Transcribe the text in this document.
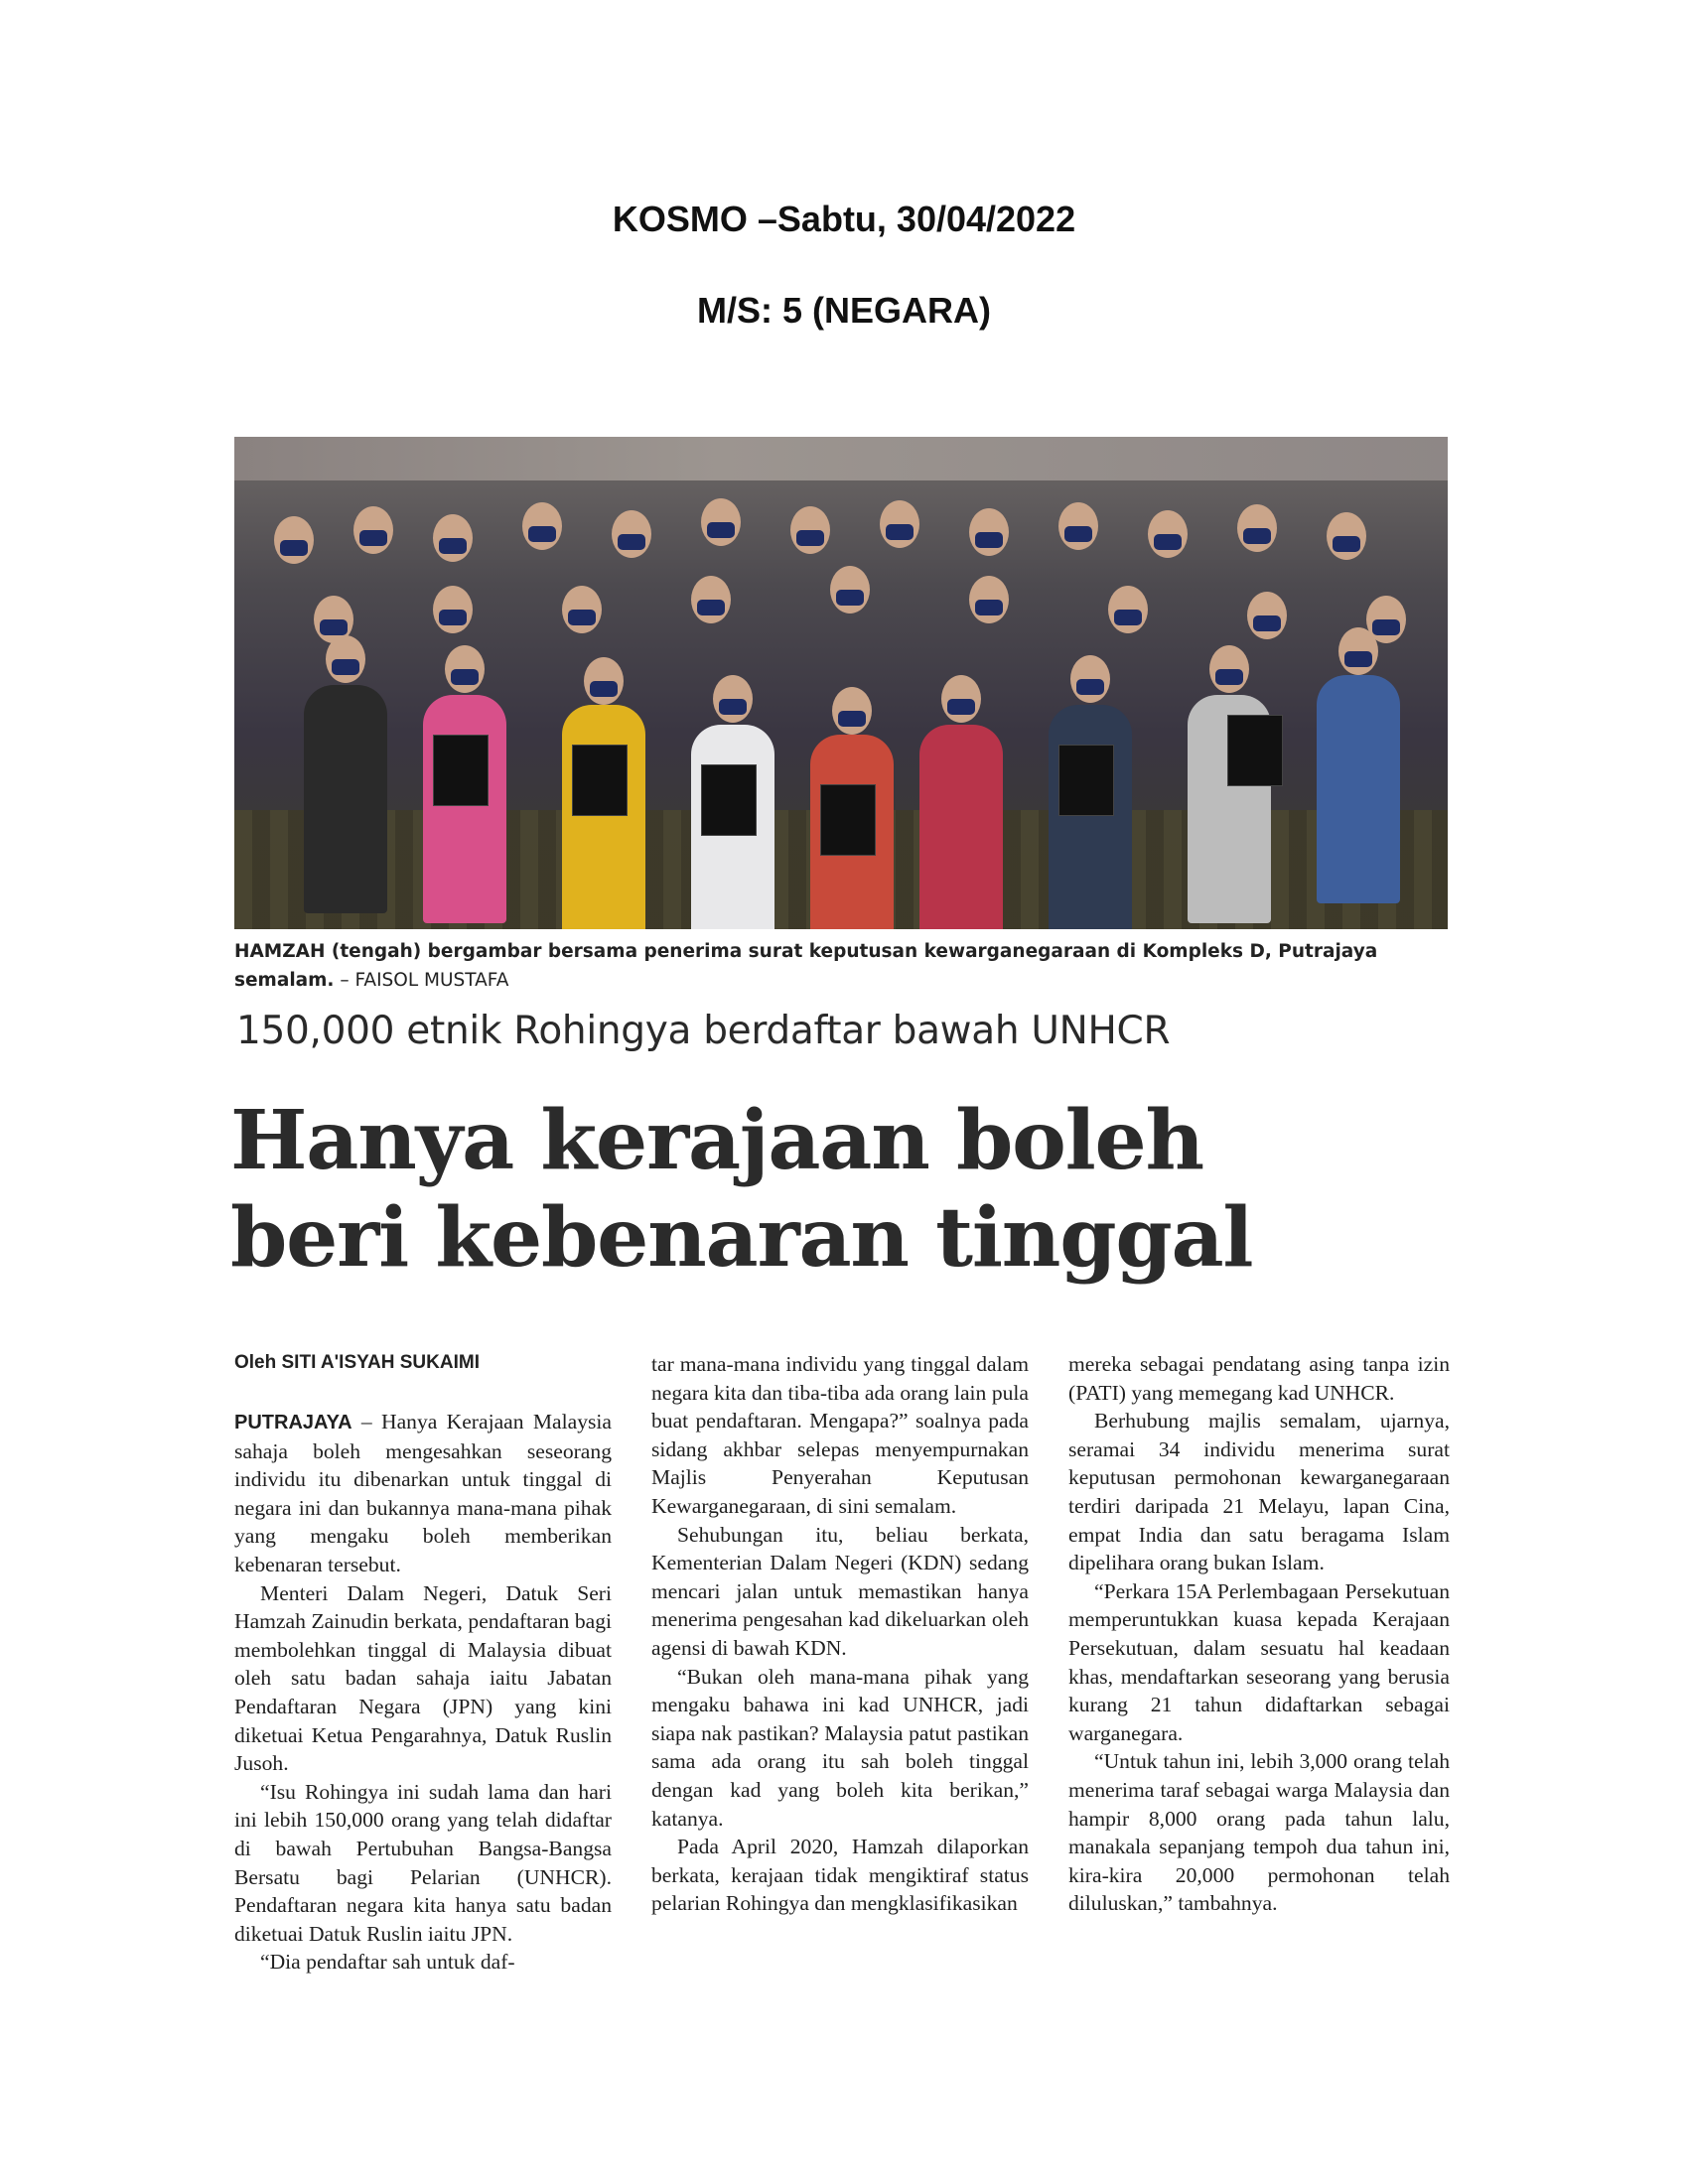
KOSMO –Sabtu, 30/04/2022
M/S: 5 (NEGARA)
HAMZAH (tengah) bergambar bersama penerima surat keputusan kewarganegaraan di Kompleks D, Putrajaya semalam. – FAISOL MUSTAFA
150,000 etnik Rohingya berdaftar bawah UNHCR
Hanya kerajaan boleh
beri kebenaran tinggal
Oleh SITI A'ISYAH SUKAIMI

PUTRAJAYA – Hanya Kerajaan Malaysia sahaja boleh mengesahkan seseorang individu itu dibenarkan untuk tinggal di negara ini dan bukannya mana-mana pihak yang mengaku boleh memberikan kebenaran tersebut.

Menteri Dalam Negeri, Datuk Seri Hamzah Zainudin berkata, pendaftaran bagi membolehkan tinggal di Malaysia dibuat oleh satu badan sahaja iaitu Jabatan Pendaftaran Negara (JPN) yang kini diketuai Ketua Pengarahnya, Datuk Ruslin Jusoh.

“Isu Rohingya ini sudah lama dan hari ini lebih 150,000 orang yang telah didaftar di bawah Pertubuhan Bangsa-Bangsa Bersatu bagi Pelarian (UNHCR). Pendaftaran negara kita hanya satu badan diketuai Datuk Ruslin iaitu JPN.

“Dia pendaftar sah untuk daf-

tar mana-mana individu yang tinggal dalam negara kita dan tiba-tiba ada orang lain pula buat pendaftaran. Mengapa?” soalnya pada sidang akhbar selepas menyempurnakan Majlis Penyerahan Keputusan Kewarganegaraan, di sini semalam.

Sehubungan itu, beliau berkata, Kementerian Dalam Negeri (KDN) sedang mencari jalan untuk memastikan hanya menerima pengesahan kad dikeluarkan oleh agensi di bawah KDN.

“Bukan oleh mana-mana pihak yang mengaku bahawa ini kad UNHCR, jadi siapa nak pastikan? Malaysia patut pastikan sama ada orang itu sah boleh tinggal dengan kad yang boleh kita berikan,” katanya.

Pada April 2020, Hamzah dilaporkan berkata, kerajaan tidak mengiktiraf status pelarian Rohingya dan mengklasifikasikan

mereka sebagai pendatang asing tanpa izin (PATI) yang memegang kad UNHCR.

Berhubung majlis semalam, ujarnya, seramai 34 individu menerima surat keputusan permohonan kewarganegaraan terdiri daripada 21 Melayu, lapan Cina, empat India dan satu beragama Islam dipelihara orang bukan Islam.

“Perkara 15A Perlembagaan Persekutuan memperuntukkan kuasa kepada Kerajaan Persekutuan, dalam sesuatu hal keadaan khas, mendaftarkan seseorang yang berusia kurang 21 tahun didaftarkan sebagai warganegara.

“Untuk tahun ini, lebih 3,000 orang telah menerima taraf sebagai warga Malaysia dan hampir 8,000 orang pada tahun lalu, manakala sepanjang tempoh dua tahun ini, kira-kira 20,000 permohonan telah diluluskan,” tambahnya.
